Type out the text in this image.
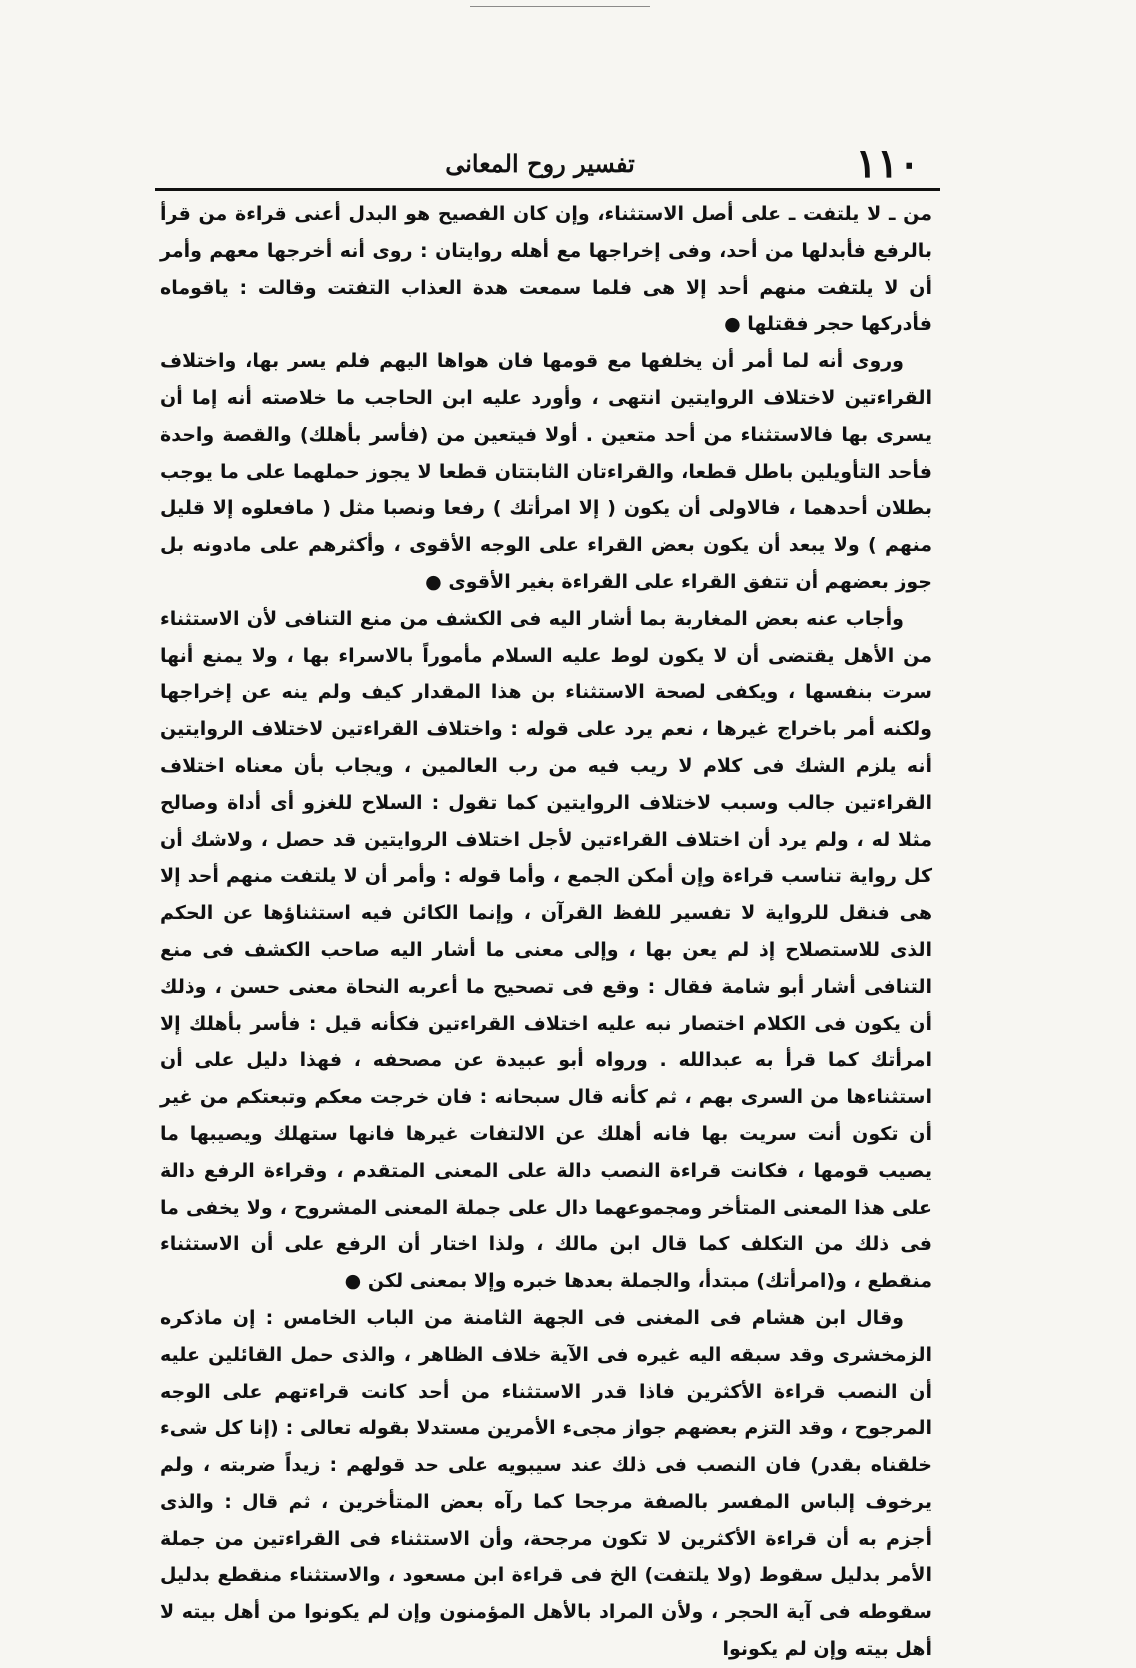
١١٠
تفسير روح المعانى

من ـ لا يلتفت ـ على أصل الاستثناء، وإن كان الفصيح هو البدل أعنى قراءة من قرأ بالرفع فأبدلها من أحد، وفى إخراجها مع أهله روايتان : روى أنه أخرجها معهم وأمر أن لا يلتفت منهم أحد إلا هى فلما سمعت هدة العذاب التفتت وقالت : ياقوماه فأدركها حجر فقتلها ●

وروى أنه لما أمر أن يخلفها مع قومها فان هواها اليهم فلم يسر بها، واختلاف القراءتين لاختلاف الروايتين انتهى ، وأورد عليه ابن الحاجب ما خلاصته أنه إما أن يسرى بها فالاستثناء من أحد متعين . أولا فيتعين من (فأسر بأهلك) والقصة واحدة فأحد التأويلين باطل قطعا، والقراءتان الثابتتان قطعا لا يجوز حملهما على ما يوجب بطلان أحدهما ، فالاولى أن يكون ( إلا امرأتك ) رفعا ونصبا مثل ( مافعلوه إلا قليل منهم ) ولا يبعد أن يكون بعض القراء على الوجه الأقوى ، وأكثرهم على مادونه بل جوز بعضهم أن تتفق القراء على القراءة بغير الأقوى ●

وأجاب عنه بعض المغاربة بما أشار اليه فى الكشف من منع التنافى لأن الاستثناء من الأهل يقتضى أن لا يكون لوط عليه السلام مأموراً بالاسراء بها ، ولا يمنع أنها سرت بنفسها ، ويكفى لصحة الاستثناء بن هذا المقدار كيف ولم ينه عن إخراجها ولكنه أمر باخراج غيرها ، نعم يرد على قوله : واختلاف القراءتين لاختلاف الروايتين أنه يلزم الشك فى كلام لا ريب فيه من رب العالمين ، ويجاب بأن معناه اختلاف القراءتين جالب وسبب لاختلاف الروايتين كما تقول : السلاح للغزو أى أداة وصالح مثلا له ، ولم يرد أن اختلاف القراءتين لأجل اختلاف الروايتين قد حصل ، ولاشك أن كل رواية تناسب قراءة وإن أمكن الجمع ، وأما قوله : وأمر أن لا يلتفت منهم أحد إلا هى فنقل للرواية لا تفسير للفظ القرآن ، وإنما الكائن فيه استثناؤها عن الحكم الذى للاستصلاح إذ لم يعن بها ، وإلى معنى ما أشار اليه صاحب الكشف فى منع التنافى أشار أبو شامة فقال : وقع فى تصحيح ما أعربه النحاة معنى حسن ، وذلك أن يكون فى الكلام اختصار نبه عليه اختلاف القراءتين فكأنه قيل : فأسر بأهلك إلا امرأتك كما قرأ به عبدالله . ورواه أبو عبيدة عن مصحفه ، فهذا دليل على أن استثناءها من السرى بهم ، ثم كأنه قال سبحانه : فان خرجت معكم وتبعتكم من غير أن تكون أنت سريت بها فانه أهلك عن الالتفات غيرها فانها ستهلك ويصيبها ما يصيب قومها ، فكانت قراءة النصب دالة على المعنى المتقدم ، وقراءة الرفع دالة على هذا المعنى المتأخر ومجموعهما دال على جملة المعنى المشروح ، ولا يخفى ما فى ذلك من التكلف كما قال ابن مالك ، ولذا اختار أن الرفع على أن الاستثناء منقطع ، و(امرأتك) مبتدأ، والجملة بعدها خبره وإلا بمعنى لكن ●

وقال ابن هشام فى المغنى فى الجهة الثامنة من الباب الخامس : إن ماذكره الزمخشرى وقد سبقه اليه غيره فى الآية خلاف الظاهر ، والذى حمل القائلين عليه أن النصب قراءة الأكثرين فاذا قدر الاستثناء من أحد كانت قراءتهم على الوجه المرجوح ، وقد التزم بعضهم جواز مجىء الأمرين مستدلا بقوله تعالى : (إنا كل شىء خلقناه بقدر) فان النصب فى ذلك عند سيبويه على حد قولهم : زيداً ضربته ، ولم يرخوف إلباس المفسر بالصفة مرجحا كما رآه بعض المتأخرين ، ثم قال : والذى أجزم به أن قراءة الأكثرين لا تكون مرجحة، وأن الاستثناء فى القراءتين من جملة الأمر بدليل سقوط (ولا يلتفت) الخ فى قراءة ابن مسعود ، والاستثناء منقطع بدليل سقوطه فى آية الحجر ، ولأن المراد بالأهل المؤمنون وإن لم يكونوا من أهل بيته لا أهل بيته وإن لم يكونوا
